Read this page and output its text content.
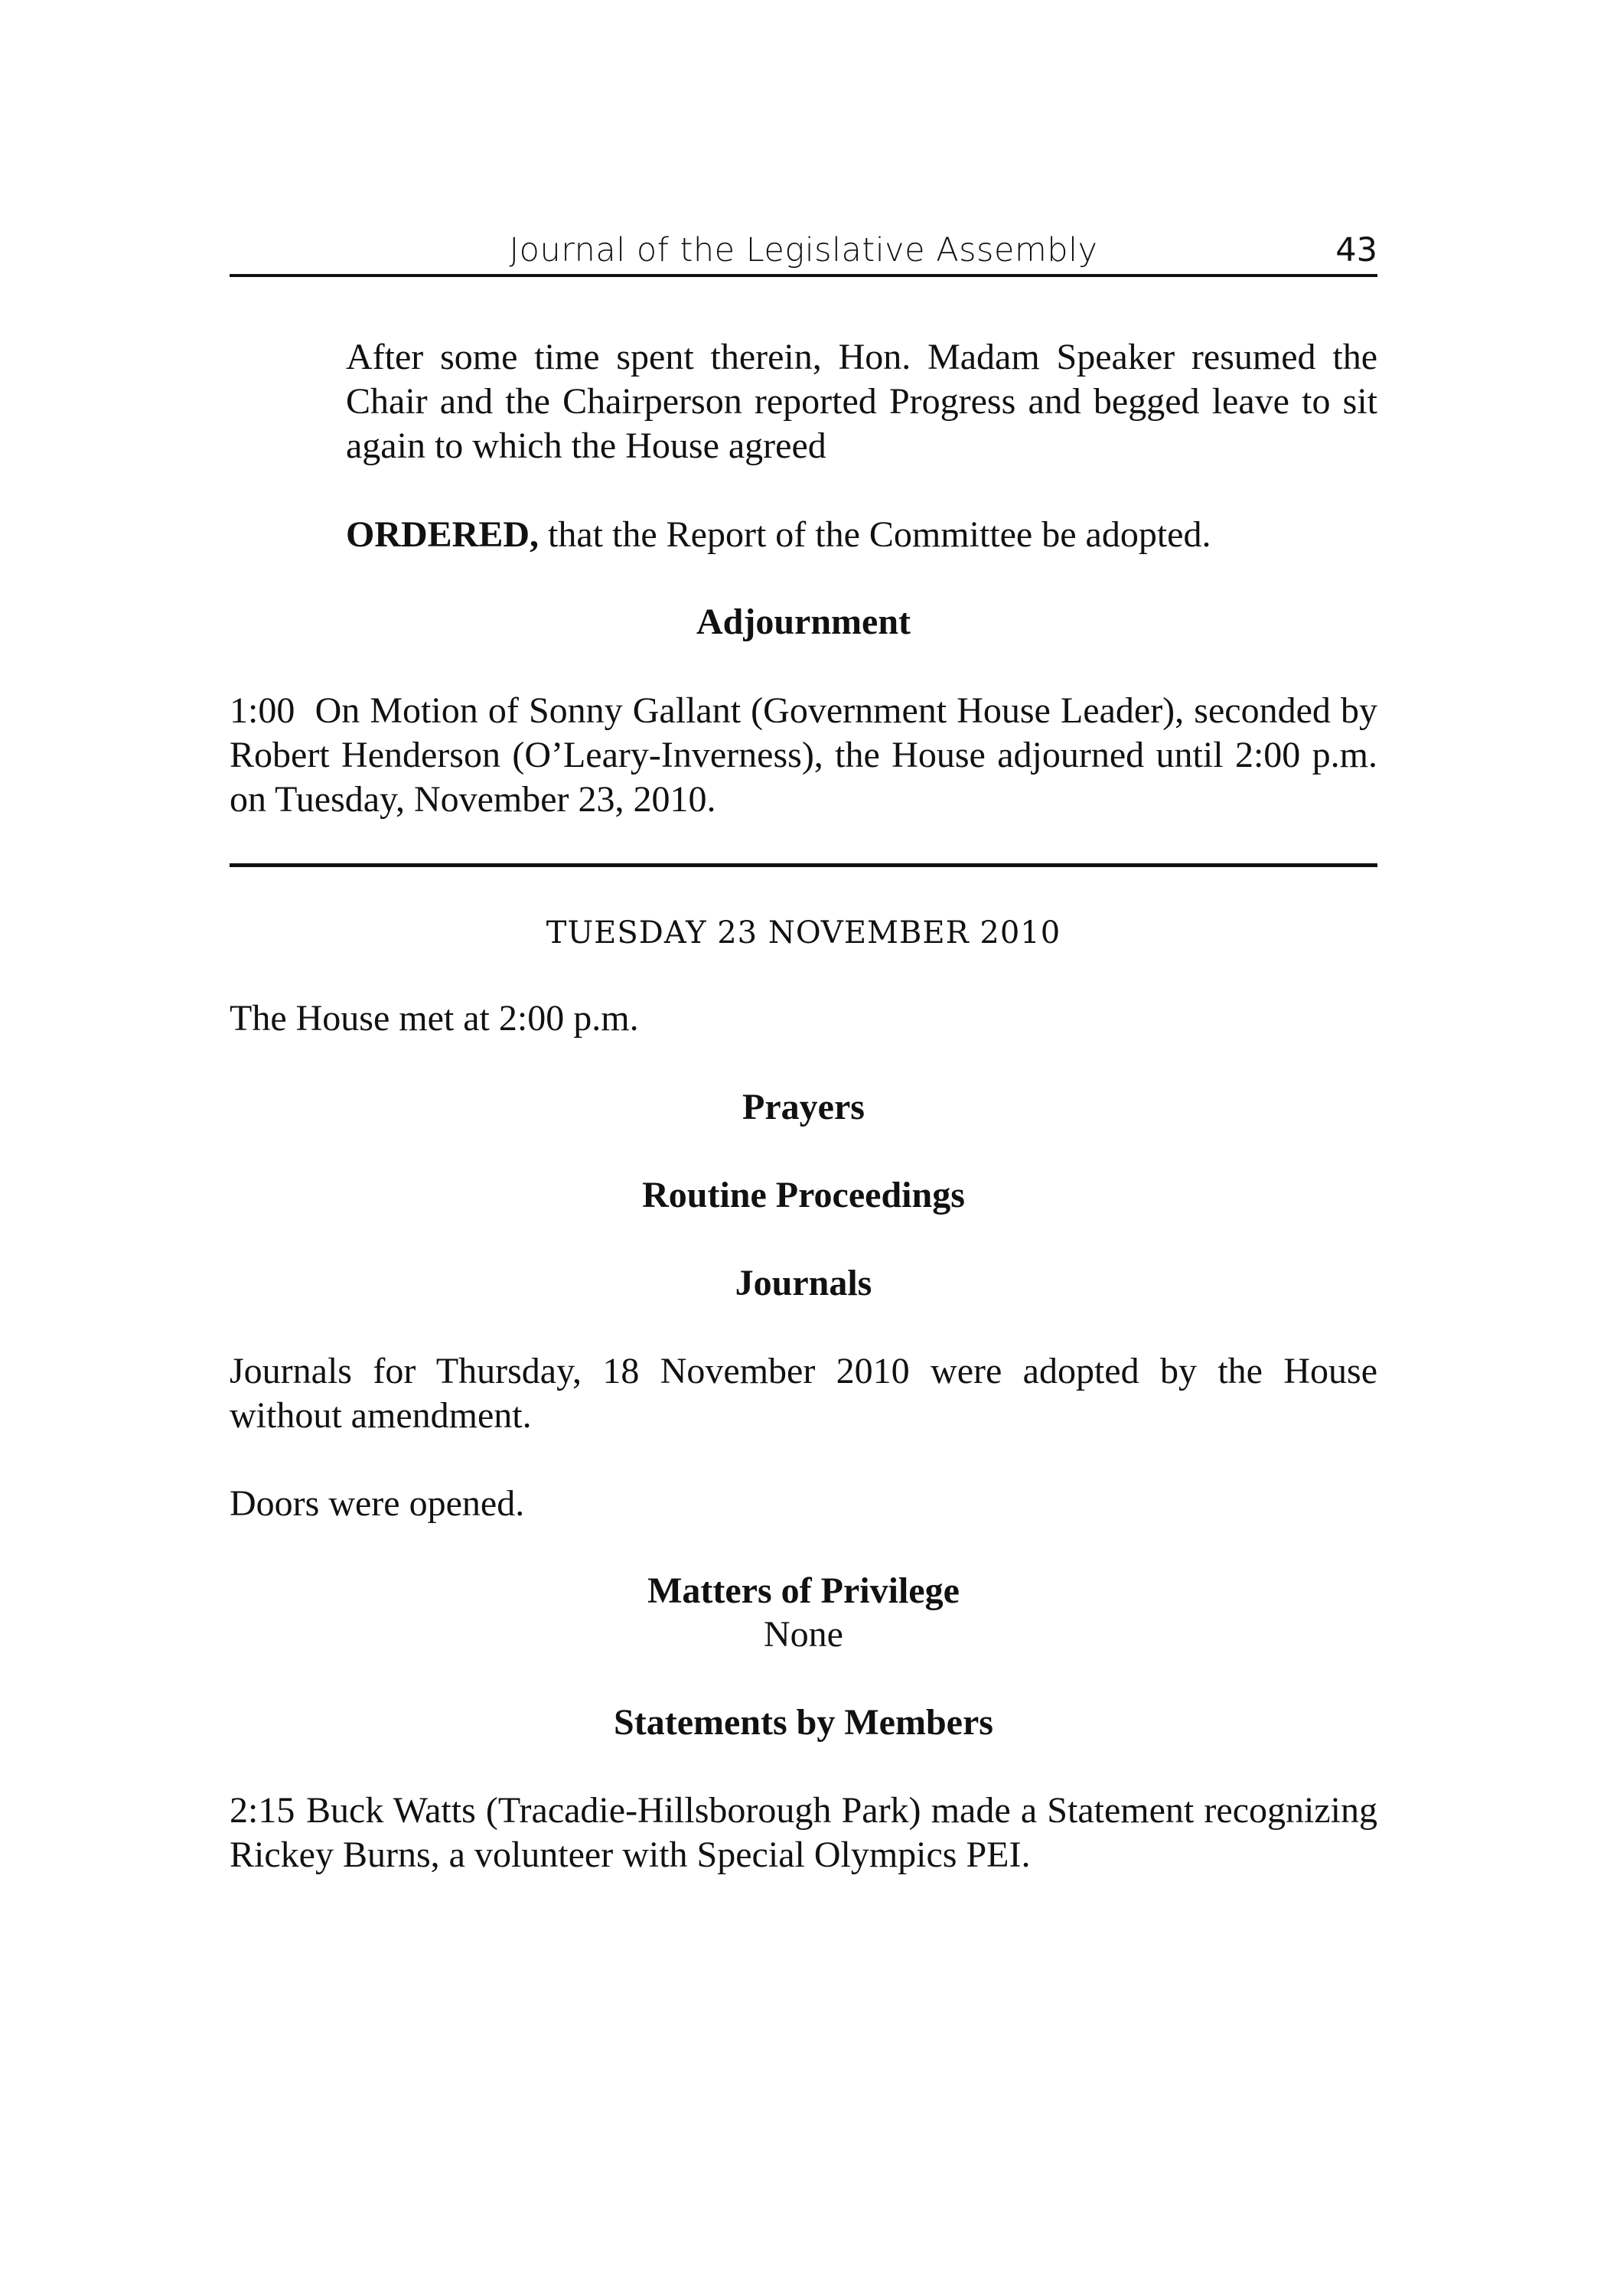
Journal of the Legislative Assembly	43

After some time spent therein, Hon. Madam Speaker resumed the Chair and the Chairperson reported Progress and begged leave to sit again to which the House agreed

ORDERED, that the Report of the Committee be adopted.

Adjournment

1:00 On Motion of Sonny Gallant (Government House Leader), seconded by Robert Henderson (O’Leary-Inverness), the House adjourned until 2:00 p.m. on Tuesday, November 23, 2010.

TUESDAY 23 NOVEMBER 2010

The House met at 2:00 p.m.

Prayers
Routine Proceedings
Journals

Journals for Thursday, 18 November 2010 were adopted by the House without amendment.

Doors were opened.

Matters of Privilege

None

Statements by Members

2:15 Buck Watts (Tracadie-Hillsborough Park) made a Statement recognizing Rickey Burns, a volunteer with Special Olympics PEI.
